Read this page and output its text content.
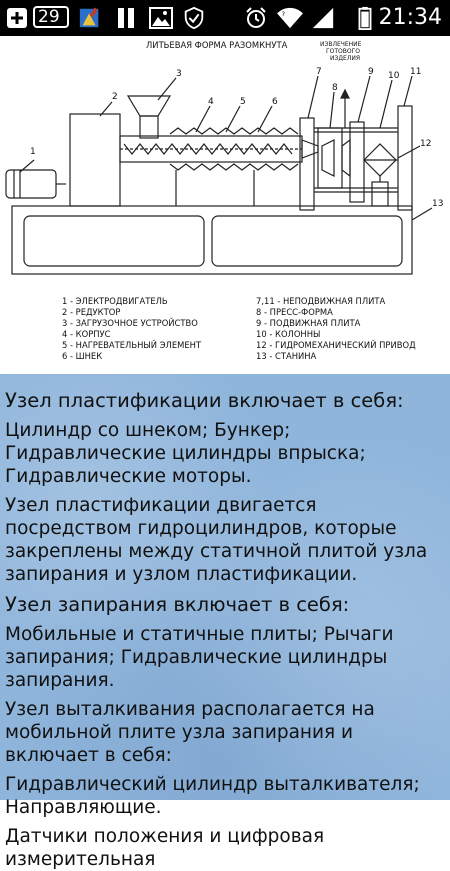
29	?	21:34
ЛИТЬЕВАЯ ФОРМА РАЗОМКНУТА	ИЗВЛЕЧЕНИЕ
ГОТОВОГО
ИЗДЕЛИЯ
1
2
3
4	5	6
7
8
9 10 11
12
13
1 - ЭЛЕКТРОДВИГАТЕЛЬ
2 - РЕДУКТОР
3 - ЗАГРУЗОЧНОЕ УСТРОЙСТВО
4 - КОРПУС
5 - НАГРЕВАТЕЛЬНЫЙ ЭЛЕМЕНТ
6 - ШНЕК
7,11 - НЕПОДВИЖНАЯ ПЛИТА
8 - ПРЕСС-ФОРМА
9 - ПОДВИЖНАЯ ПЛИТА
10 - КОЛОННЫ
12 - ГИДРОМЕХАНИЧЕСКИЙ ПРИВОД
13 - СТАНИНА

Узел пластификации включает в себя:

Цилиндр со шнеком; Бункер; Гидравлические цилиндры впрыска; Гидравлические моторы.

Узел пластификации двигается посредством гидроцилиндров, которые закреплены между статичной плитой узла запирания и узлом пластификации.

Узел запирания включает в себя:

Мобильные и статичные плиты; Рычаги запирания; Гидравлические цилиндры запирания.

Узел выталкивания располагается на мобильной плите узла запирания и включает в себя:

Гидравлический цилиндр выталкивателя; Направляющие.

Датчики положения и цифровая измерительная
